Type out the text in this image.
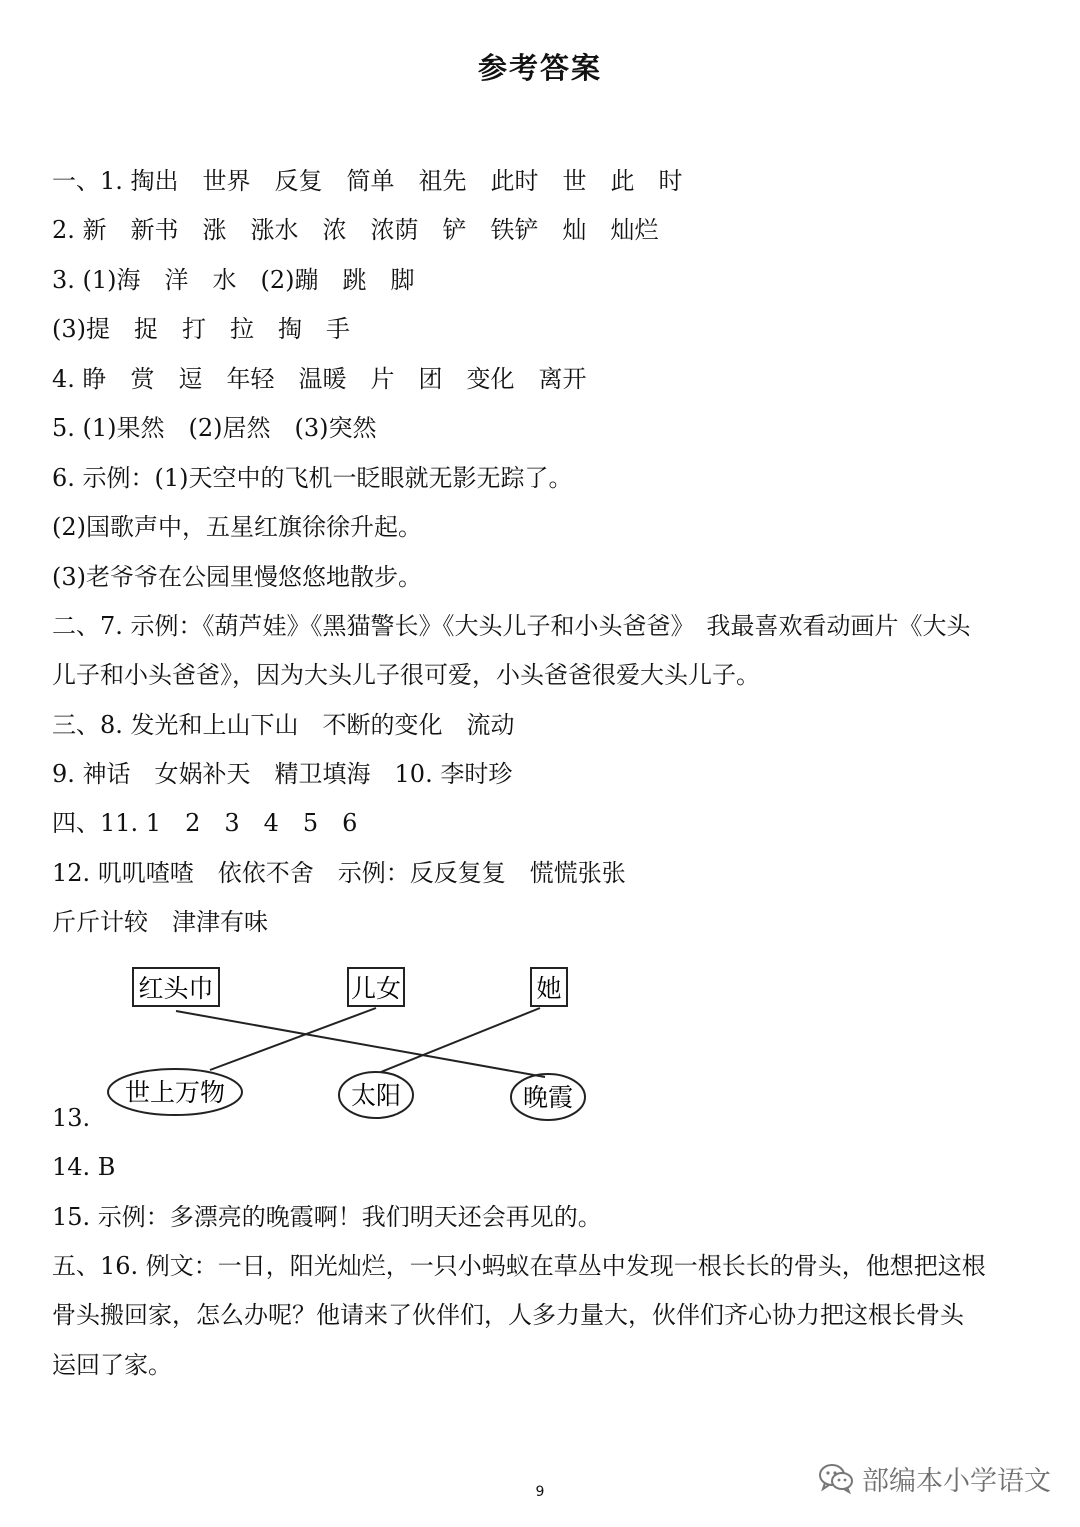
参考答案
一、1. 掏出　世界　反复　简单　祖先　此时　世　此　时
2. 新　新书　涨　涨水　浓　浓荫　铲　铁铲　灿　灿烂
3. (1)海　洋　水　(2)蹦　跳　脚
(3)提　捉　打　拉　掏　手
4. 睁　赏　逗　年轻　温暖　片　团　变化　离开
5. (1)果然　(2)居然　(3)突然
6. 示例：(1)天空中的飞机一眨眼就无影无踪了。
(2)国歌声中，五星红旗徐徐升起。
(3)老爷爷在公园里慢悠悠地散步。
二、7. 示例：《葫芦娃》《黑猫警长》《大头儿子和小头爸爸》　我最喜欢看动画片《大头
儿子和小头爸爸》，因为大头儿子很可爱，小头爸爸很爱大头儿子。
三、8. 发光和上山下山　不断的变化　流动
9. 神话　女娲补天　精卫填海　10. 李时珍
四、11. 1　2　3　4　5　6
12. 叽叽喳喳　依依不舍　示例：反反复复　慌慌张张
斤斤计较　津津有味
红头巾	儿女	她
世上万物	太阳	晚霞
13.
14. B
15. 示例：多漂亮的晚霞啊！我们明天还会再见的。
五、16. 例文：一日，阳光灿烂，一只小蚂蚁在草丛中发现一根长长的骨头，他想把这根
骨头搬回家，怎么办呢？他请来了伙伴们，人多力量大，伙伴们齐心协力把这根长骨头
运回了家。
部编本小学语文
9
